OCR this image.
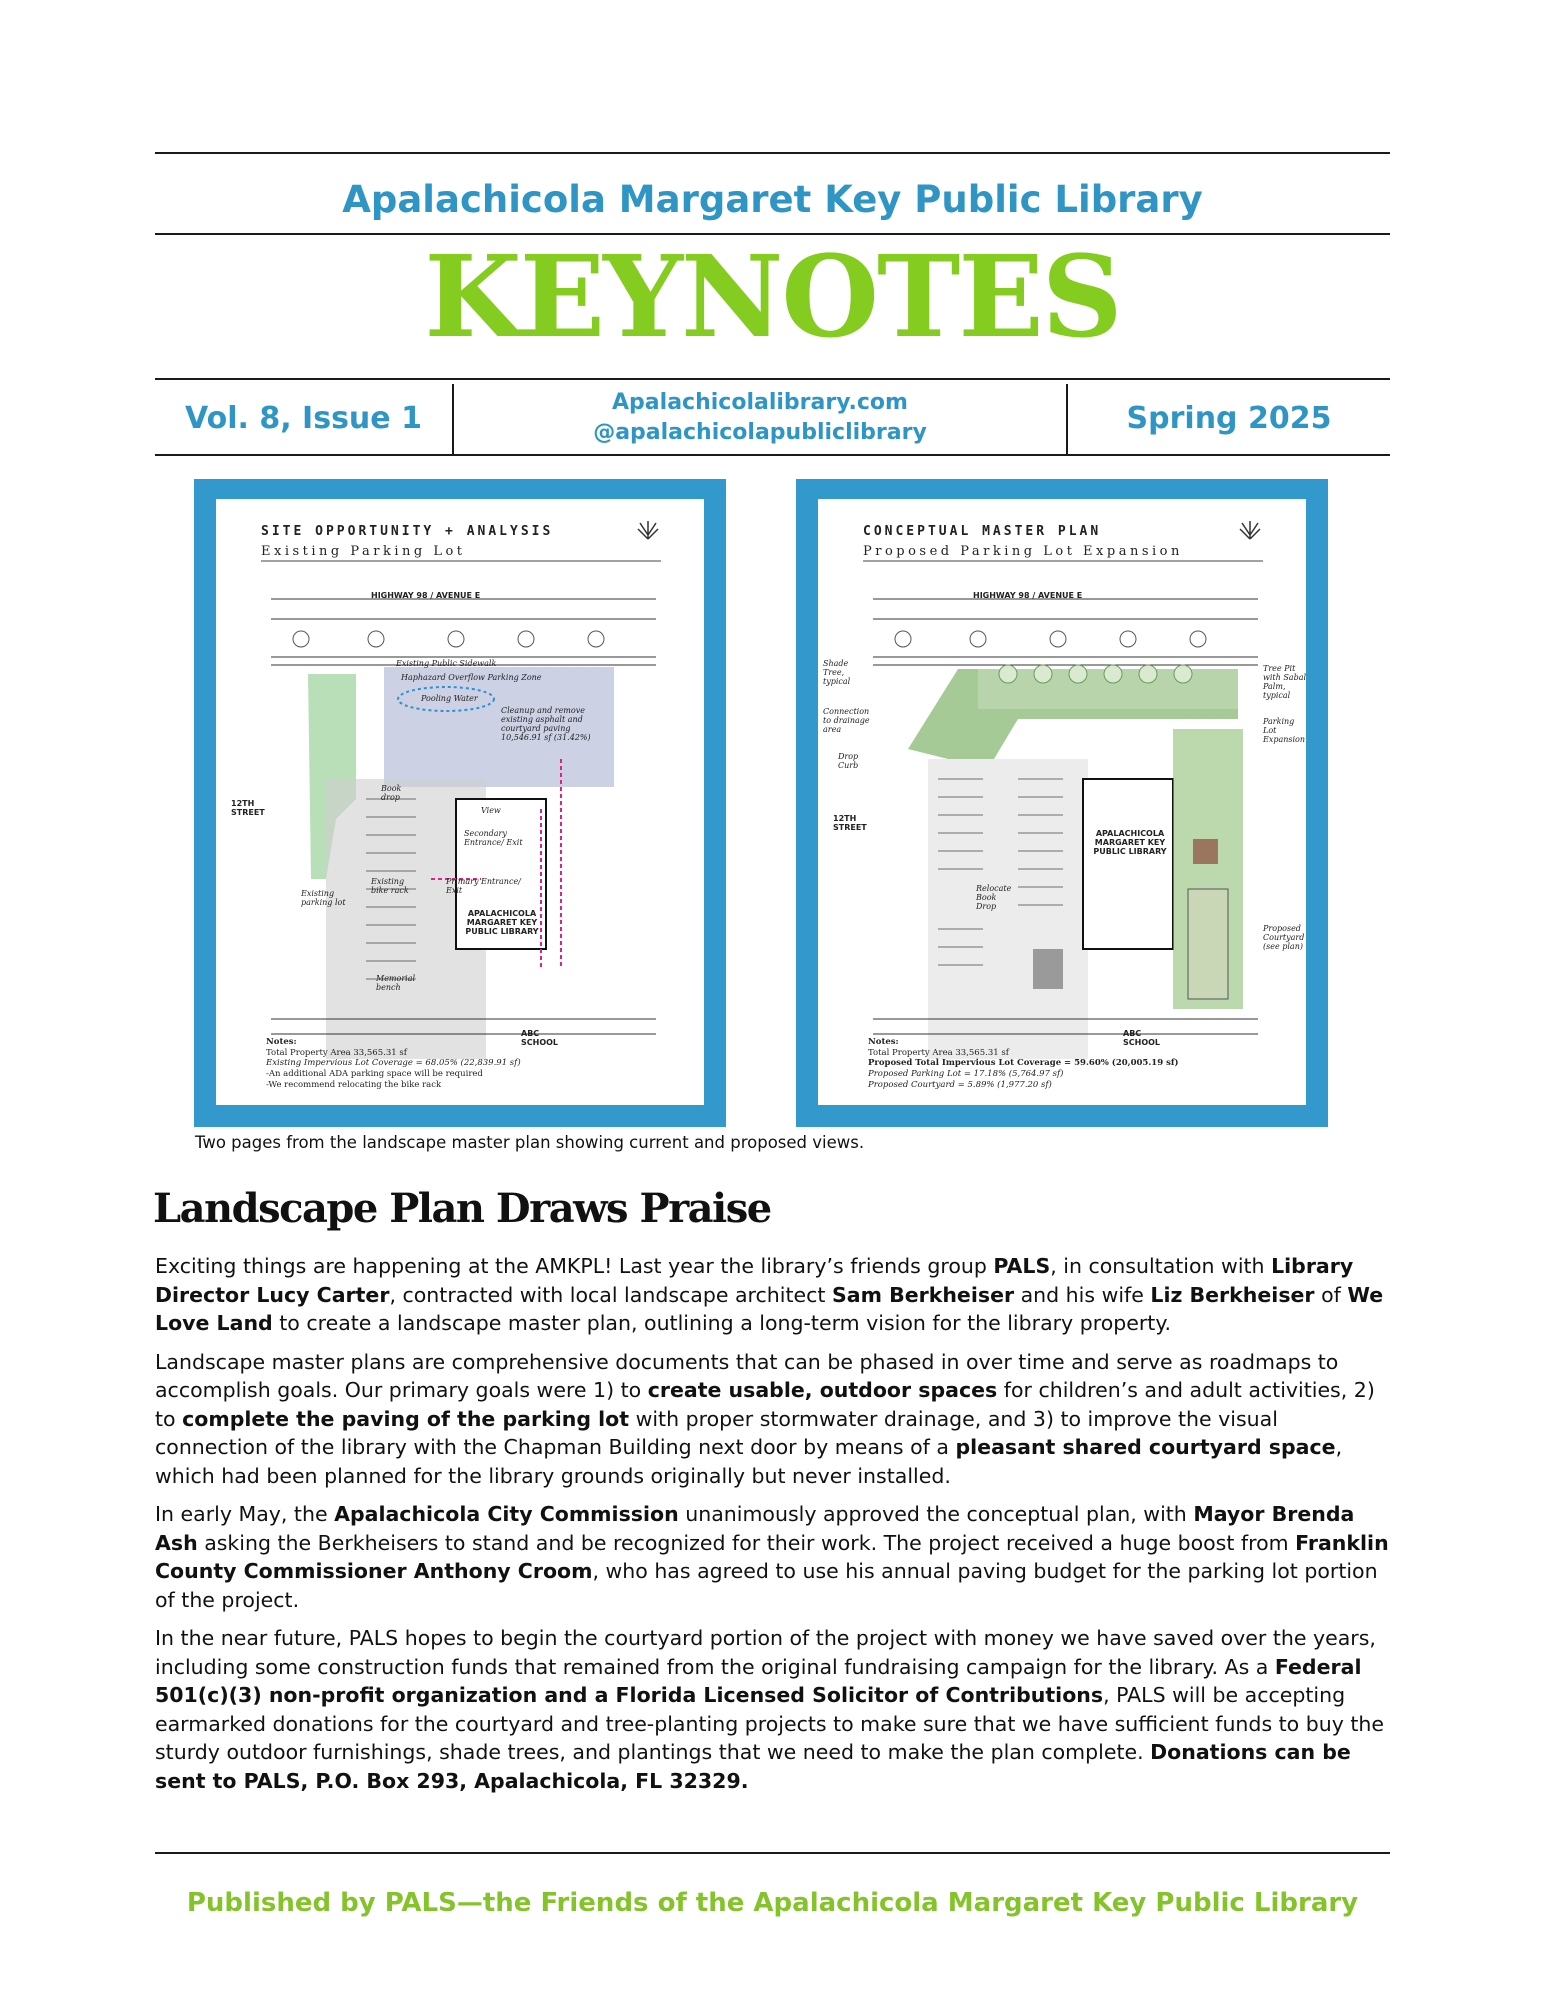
Apalachicola Margaret Key Public Library
KEYNOTES
Vol. 8, Issue 1	Apalachicolalibrary.com
@apalachicolapubliclibrary	Spring 2025
SITE OPPORTUNITY + ANALYSIS
Existing Parking Lot
HIGHWAY 98 / AVENUE E
Existing Public Sidewalk
Haphazard Overflow Parking Zone
Pooling Water
Cleanup and remove existing asphalt and courtyard paving 10,546.91 sf (31.42%)
12TH STREET
Book drop
View
Secondary Entrance/ Exit
Primary Entrance/ Exit
Existing bike rack
Existing parking lot
APALACHICOLA MARGARET KEY PUBLIC LIBRARY
Memorial bench
ABC SCHOOL
Notes:
Total Property Area 33,565.31 sf
Existing Impervious Lot Coverage = 68.05% (22,839.91 sf)
-An additional ADA parking space will be required
-We recommend relocating the bike rack
CONCEPTUAL MASTER PLAN
Proposed Parking Lot Expansion
HIGHWAY 98 / AVENUE E
Shade Tree, typical
Connection to drainage area
Drop Curb
12TH STREET
Relocate Book Drop
APALACHICOLA MARGARET KEY PUBLIC LIBRARY
Tree Pit with Sabal Palm, typical
Parking Lot Expansion
Proposed Courtyard (see plan)
ABC SCHOOL
Notes:
Total Property Area 33,565.31 sf
Proposed Total Impervious Lot Coverage = 59.60% (20,005.19 sf)
Proposed Parking Lot = 17.18% (5,764.97 sf)
Proposed Courtyard = 5.89% (1,977.20 sf)
Two pages from the landscape master plan showing current and proposed views.
Landscape Plan Draws Praise

Exciting things are happening at the AMKPL! Last year the library’s friends group PALS, in consultation with Library Director Lucy Carter, contracted with local landscape architect Sam Berkheiser and his wife Liz Berkheiser of We Love Land to create a landscape master plan, outlining a long-term vision for the library property.

Landscape master plans are comprehensive documents that can be phased in over time and serve as roadmaps to accomplish goals. Our primary goals were 1) to create usable, outdoor spaces for children’s and adult activities, 2) to complete the paving of the parking lot with proper stormwater drainage, and 3) to improve the visual connection of the library with the Chapman Building next door by means of a pleasant shared courtyard space, which had been planned for the library grounds originally but never installed.

In early May, the Apalachicola City Commission unanimously approved the conceptual plan, with Mayor Brenda Ash asking the Berkheisers to stand and be recognized for their work. The project received a huge boost from Franklin County Commissioner Anthony Croom, who has agreed to use his annual paving budget for the parking lot portion of the project.

In the near future, PALS hopes to begin the courtyard portion of the project with money we have saved over the years, including some construction funds that remained from the original fundraising campaign for the library. As a Federal 501(c)(3) non-profit organization and a Florida Licensed Solicitor of Contributions, PALS will be accepting earmarked donations for the courtyard and tree-planting projects to make sure that we have sufficient funds to buy the sturdy outdoor furnishings, shade trees, and plantings that we need to make the plan complete. Donations can be sent to PALS, P.O. Box 293, Apalachicola, FL 32329.

Published by PALS—the Friends of the Apalachicola Margaret Key Public Library
